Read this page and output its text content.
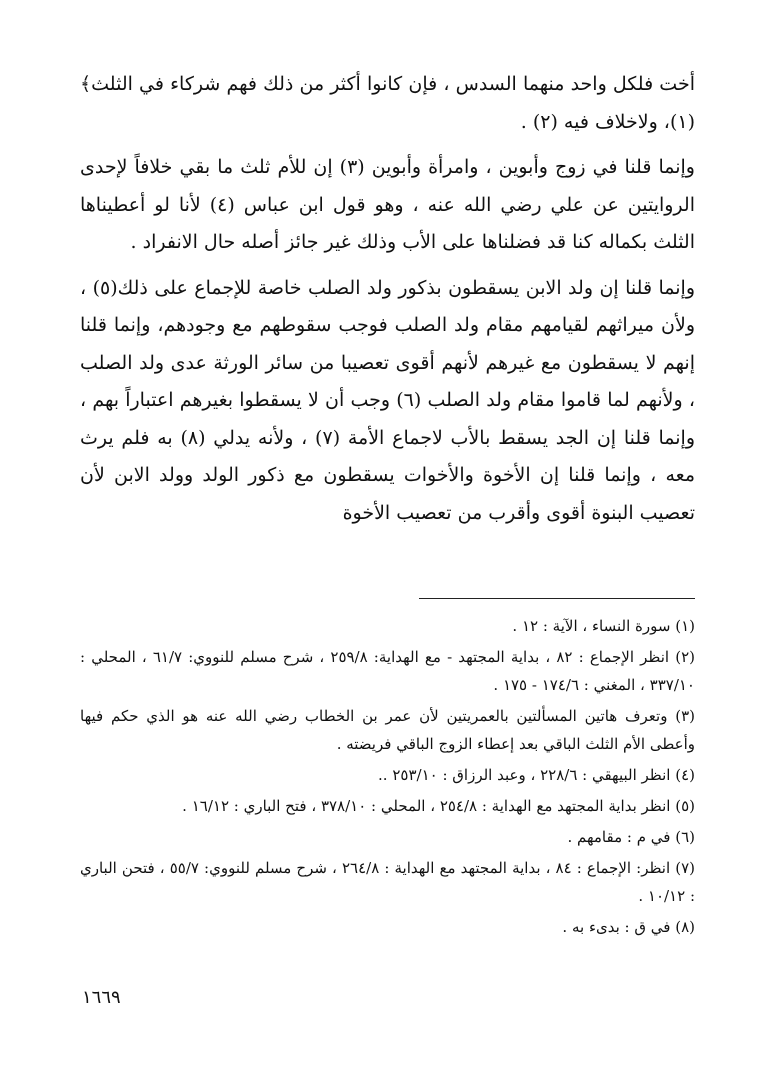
أخت فلكل واحد منهما السدس ، فإن كانوا أكثر من ذلك فهم شركاء في الثلث﴾(١)، ولاخلاف فيه (٢) .

وإنما قلنا في زوج وأبوين ، وامرأة وأبوين (٣) إن للأم ثلث ما بقي خلافاً لإحدى الروايتين عن علي رضي الله عنه ، وهو قول ابن عباس (٤) لأنا لو أعطيناها الثلث بكماله كنا قد فضلناها على الأب وذلك غير جائز أصله حال الانفراد .

وإنما قلنا إن ولد الابن يسقطون بذكور ولد الصلب خاصة للإجماع على ذلك(٥) ، ولأن ميراثهم لقيامهم مقام ولد الصلب فوجب سقوطهم مع وجودهم، وإنما قلنا إنهم لا يسقطون مع غيرهم لأنهم أقوى تعصيبا من سائر الورثة عدى ولد الصلب ، ولأنهم لما قاموا مقام ولد الصلب (٦) وجب أن لا يسقطوا بغيرهم اعتباراً بهم ، وإنما قلنا إن الجد يسقط بالأب لاجماع الأمة (٧) ، ولأنه يدلي (٨) به فلم يرث معه ، وإنما قلنا إن الأخوة والأخوات يسقطون مع ذكور الولد وولد الابن لأن تعصيب البنوة أقوى وأقرب من تعصيب الأخوة

(١) سورة النساء ، الآية : ١٢ .

(٢) انظر الإجماع : ٨٢ ، بداية المجتهد - مع الهداية: ٢٥٩/٨ ، شرح مسلم للنووي: ٦١/٧ ، المحلي : ٣٣٧/١٠ ، المغني : ١٧٤/٦ - ١٧٥ .

(٣) وتعرف هاتين المسألتين بالعمريتين لأن عمر بن الخطاب رضي الله عنه هو الذي حكم فيها وأعطى الأم الثلث الباقي بعد إعطاء الزوج الباقي فريضته .

(٤) انظر البيهقي : ٢٢٨/٦ ، وعبد الرزاق : ٢٥٣/١٠ ..

(٥) انظر بداية المجتهد مع الهداية : ٢٥٤/٨ ، المحلي : ٣٧٨/١٠ ، فتح الباري : ١٦/١٢ .

(٦) في م : مقامهم .

(٧) انظر: الإجماع : ٨٤ ، بداية المجتهد مع الهداية : ٢٦٤/٨ ، شرح مسلم للنووي: ٥٥/٧ ، فتحن الباري : ١٠/١٢ .

(٨) في ق : بدىء به .

١٦٦٩
